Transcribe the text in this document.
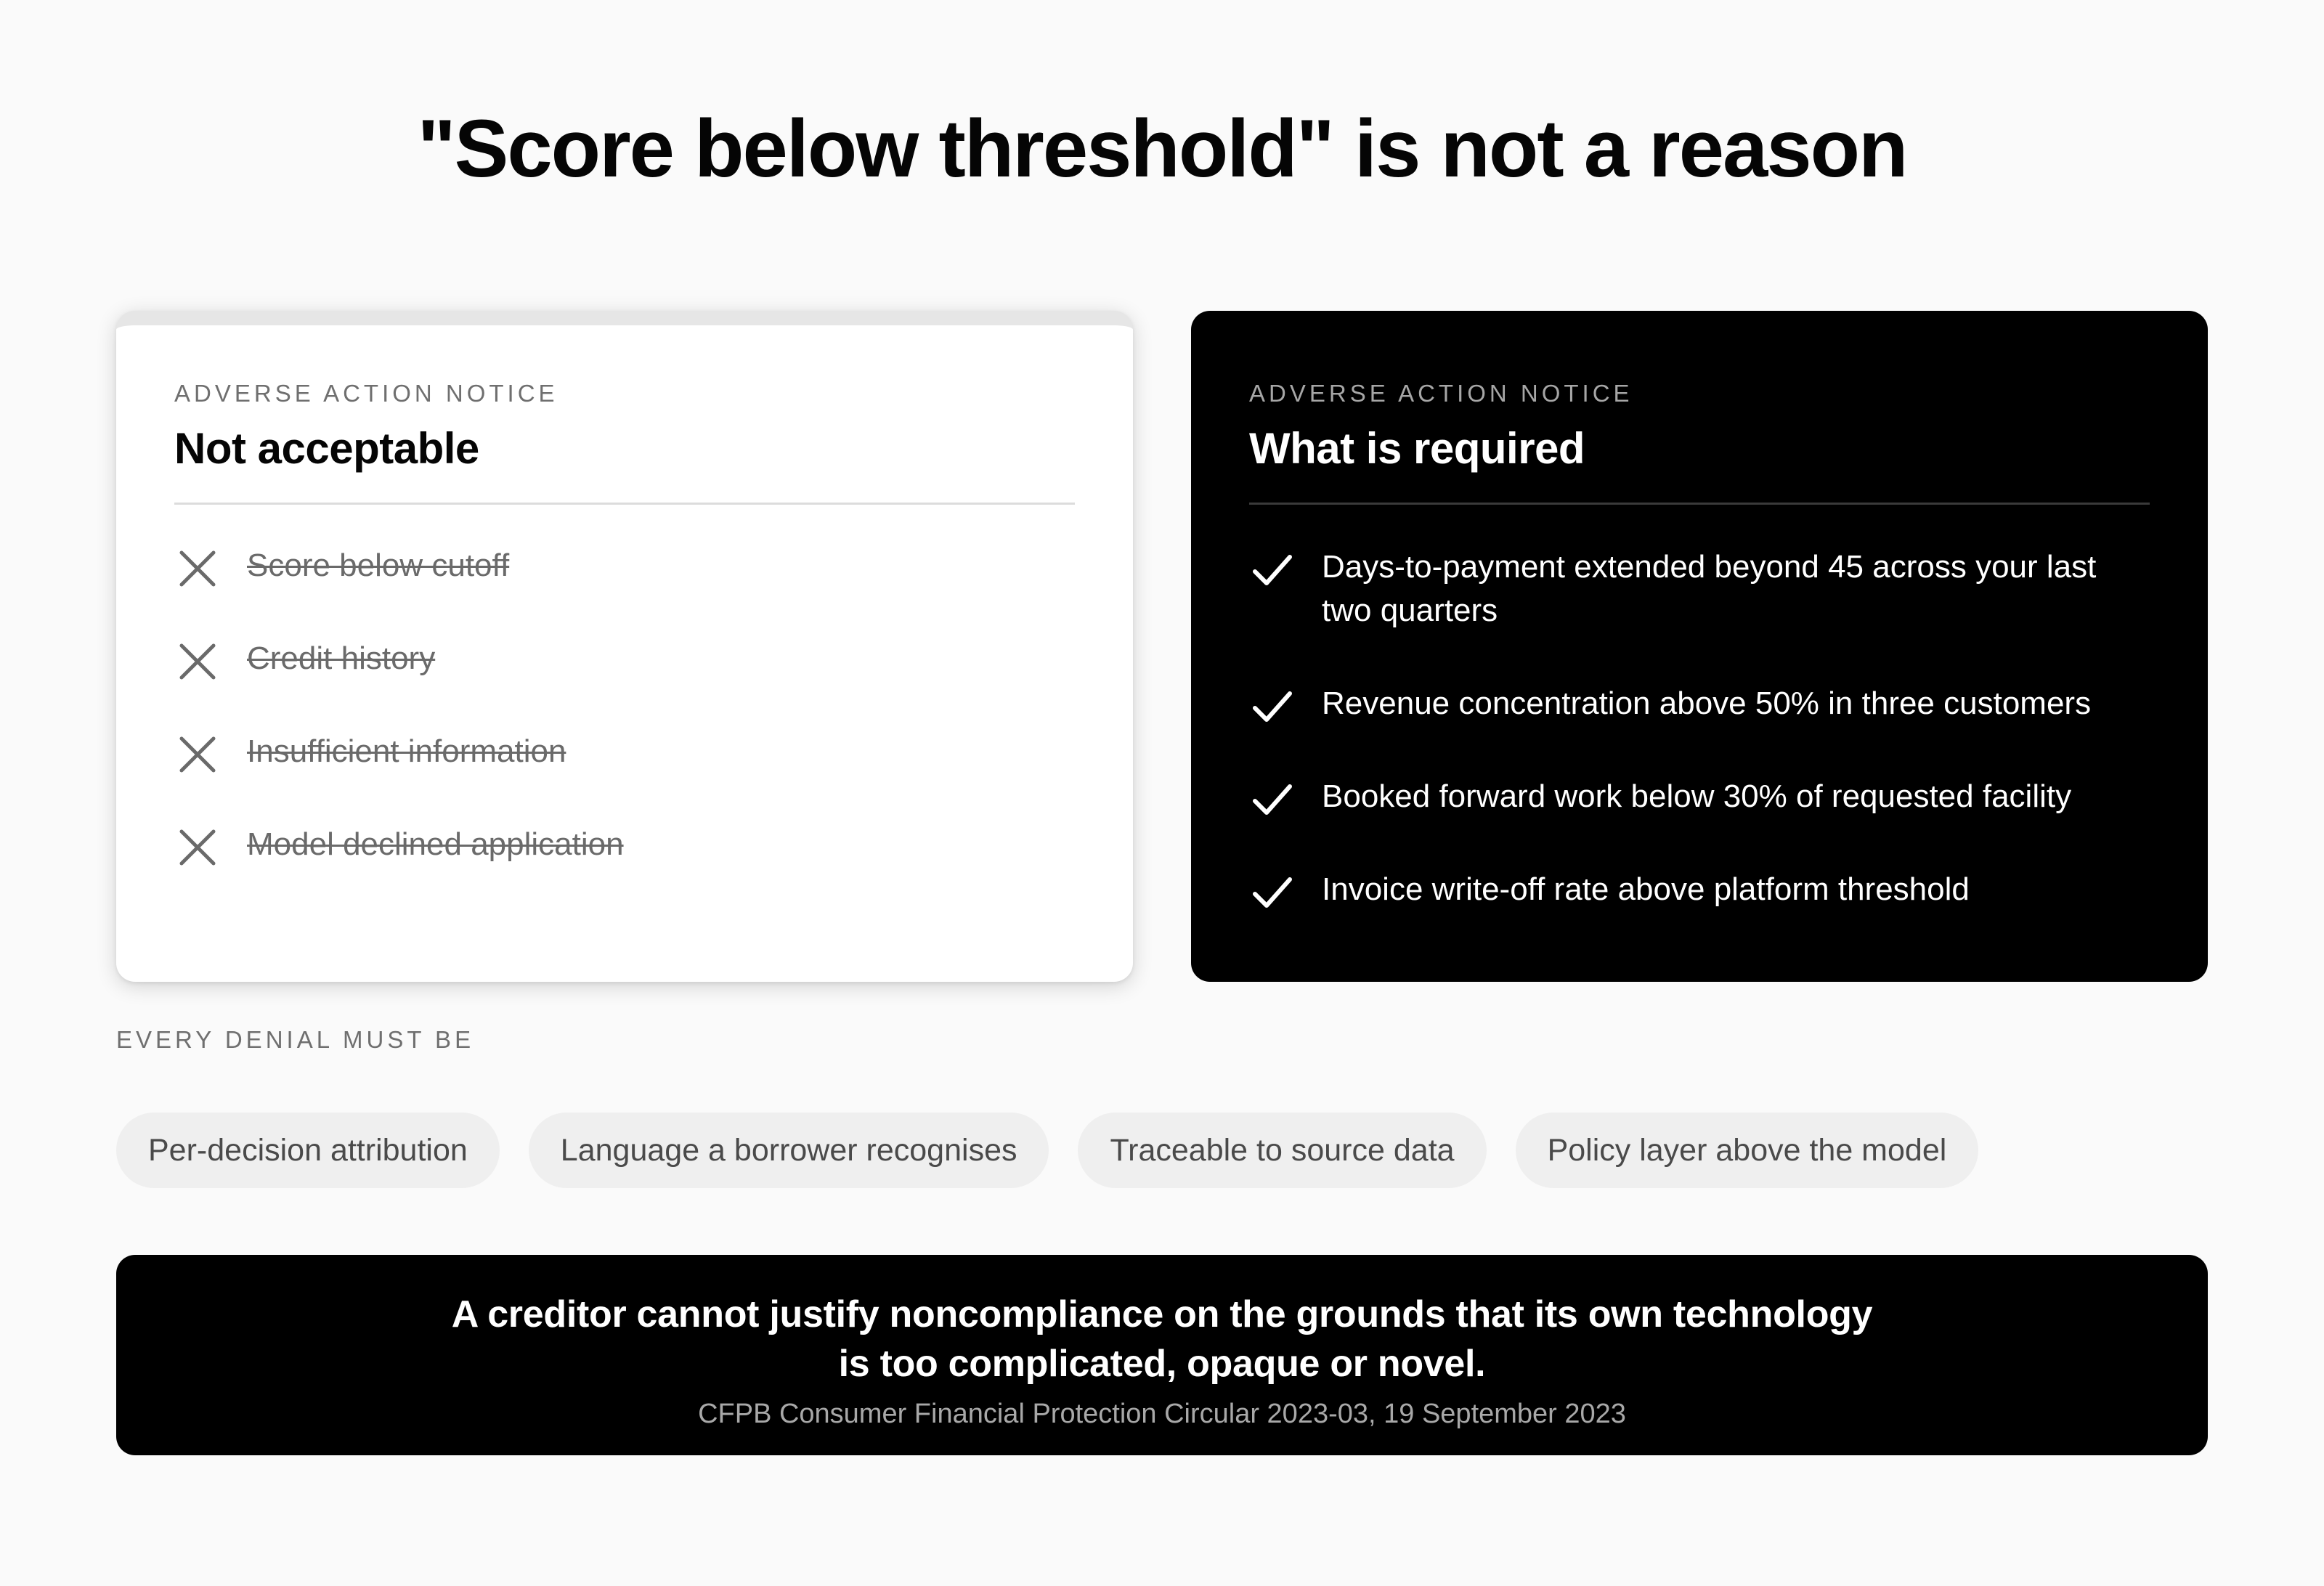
"Score below threshold" is not a reason
ADVERSE ACTION NOTICE
Not acceptable
Score below cutoff
Credit history
Insufficient information
Model declined application
ADVERSE ACTION NOTICE
What is required
Days-to-payment extended beyond 45 across your last two quarters
Revenue concentration above 50% in three customers
Booked forward work below 30% of requested facility
Invoice write-off rate above platform threshold
EVERY DENIAL MUST BE
Per-decision attribution	Language a borrower recognises	Traceable to source data	Policy layer above the model
A creditor cannot justify noncompliance on the grounds that its own technology
is too complicated, opaque or novel.
CFPB Consumer Financial Protection Circular 2023-03, 19 September 2023
